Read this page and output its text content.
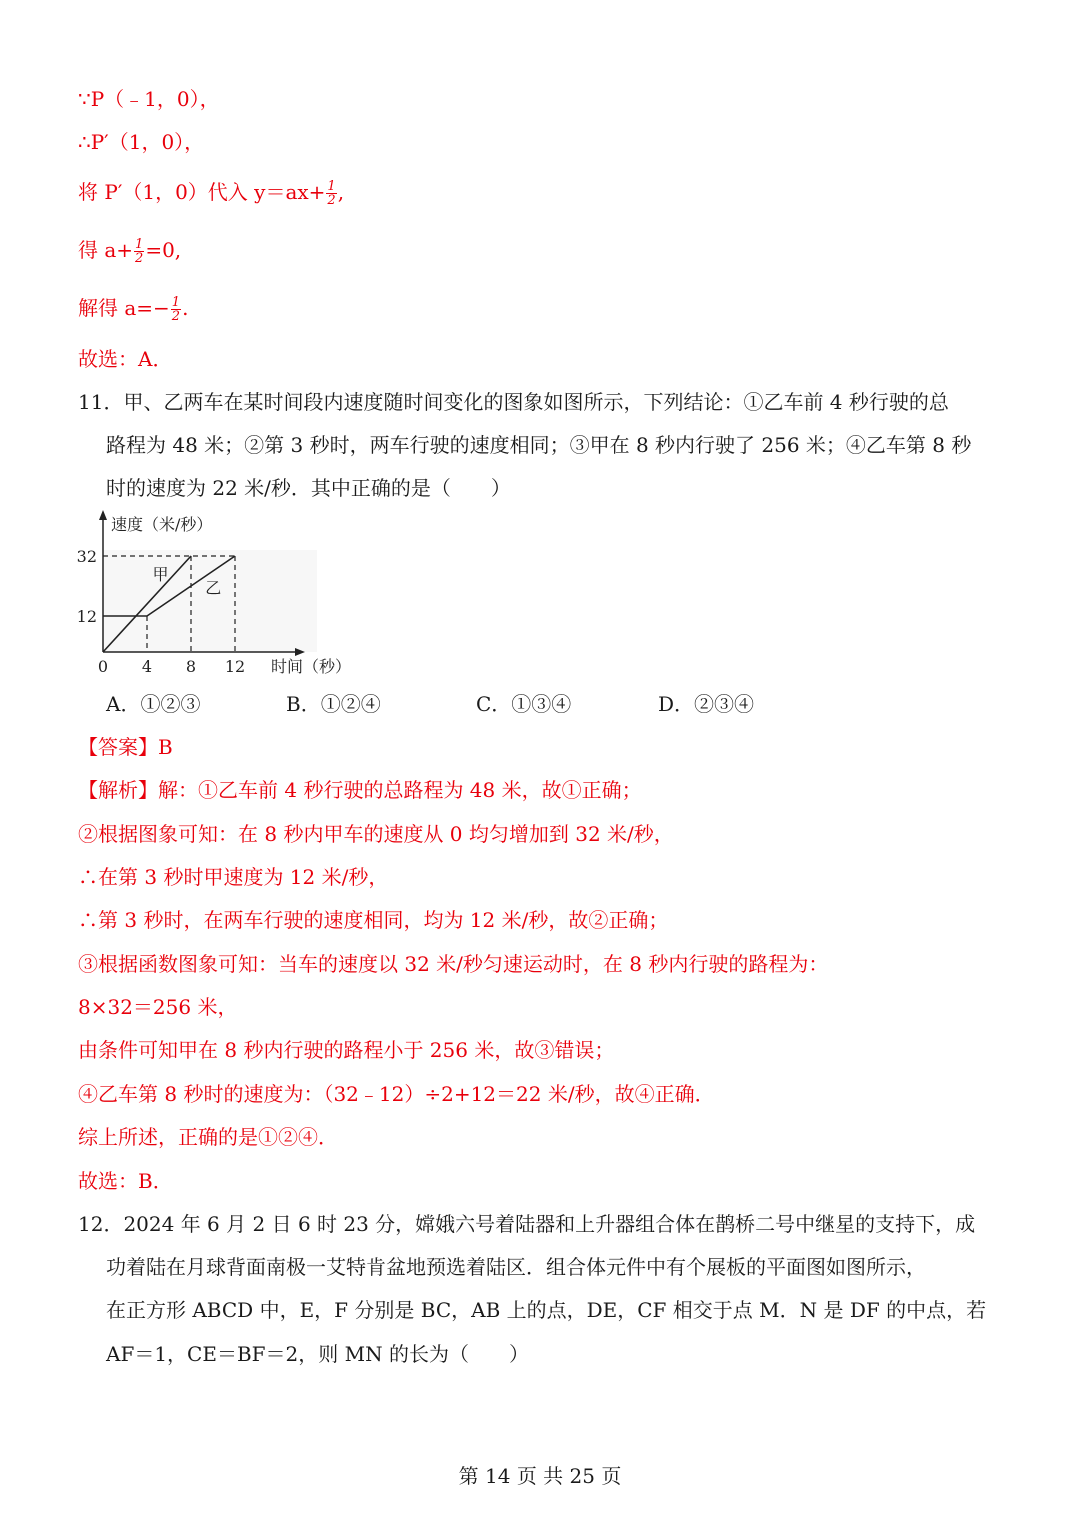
∵P（﹣1，0），
∴P′（1，0），
将 P′（1，0）代入 $y=ax+ \frac{1}{2}$ ,
得 $a+ \frac{1}{2} =0$,
解得 $a=- \frac{1}{2}$ .
故选：A．
11．甲、乙两车在某时间段内速度随时间变化的图象如图所示，下列结论：①乙车前 4 秒行驶的总
路程为 48 米；②第 3 秒时，两车行驶的速度相同；③甲在 8 秒内行驶了 256 米；④乙车第 8 秒
时的速度为 22 米/秒．其中正确的是（　　）
速度（米/秒）
时间（秒）
0 4 8 12
12
32
甲
乙
A．①②③	B．①②④	C．①③④	D．②③④
【答案】B
【解析】解：①乙车前 4 秒行驶的总路程为 48 米，故①正确；
②根据图象可知：在 8 秒内甲车的速度从 0 均匀增加到 32 米/秒，
∴在第 3 秒时甲速度为 12 米/秒，
∴第 3 秒时，在两车行驶的速度相同，均为 12 米/秒，故②正确；
③根据函数图象可知：当车的速度以 32 米/秒匀速运动时，在 8 秒内行驶的路程为：
8×32＝256 米，
由条件可知甲在 8 秒内行驶的路程小于 256 米，故③错误；
④乙车第 8 秒时的速度为：（32﹣12）÷2+12＝22 米/秒，故④正确．
综上所述，正确的是①②④．
故选：B．
12．2024 年 6 月 2 日 6 时 23 分，嫦娥六号着陆器和上升器组合体在鹊桥二号中继星的支持下，成
功着陆在月球背面南极一艾特肯盆地预选着陆区．组合体元件中有个展板的平面图如图所示，
在正方形 ABCD 中，E，F 分别是 BC，AB 上的点，DE，CF 相交于点 M．N 是 DF 的中点，若
AF＝1，CE＝BF＝2，则 MN 的长为（　　）
第 14 页 共 25 页
